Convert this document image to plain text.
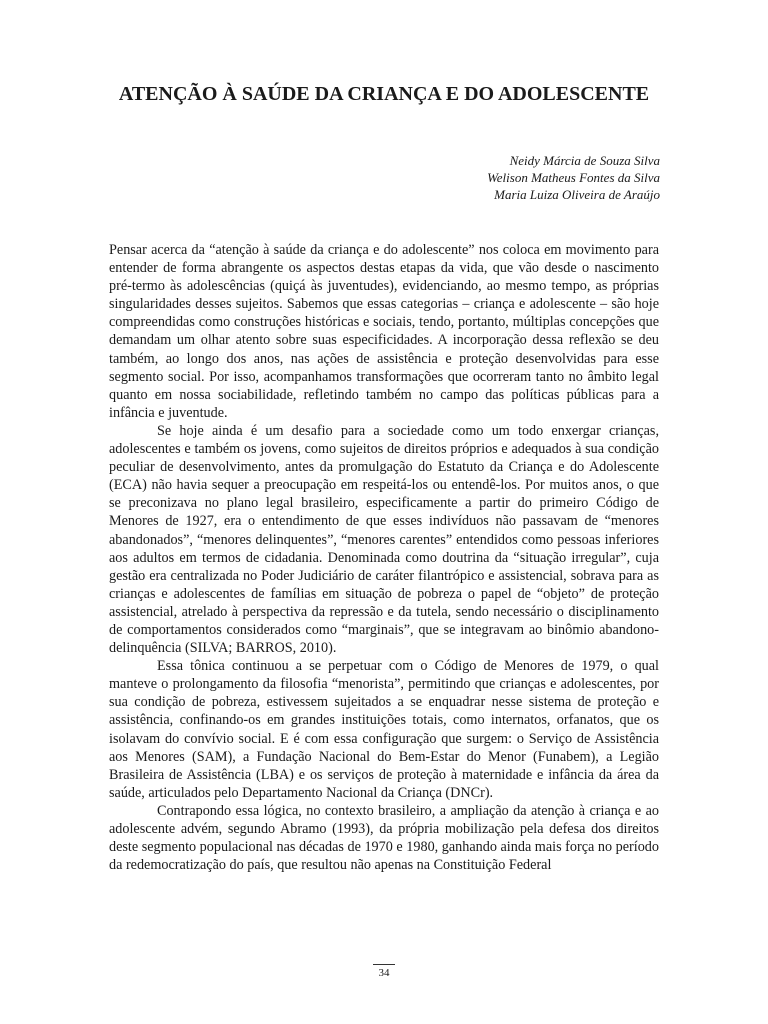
ATENÇÃO À SAÚDE DA CRIANÇA E DO ADOLESCENTE
Neidy Márcia de Souza Silva
Welison Matheus Fontes da Silva
Maria Luiza Oliveira de Araújo

Pensar acerca da “atenção à saúde da criança e do adolescente” nos coloca em movimento para entender de forma abrangente os aspectos destas etapas da vida, que vão desde o nascimento pré-termo às adolescências (quiçá às juventudes), evidenciando, ao mesmo tempo, as próprias singularidades desses sujeitos. Sabemos que essas categorias – criança e adolescente – são hoje compreendidas como construções históricas e sociais, tendo, portanto, múltiplas concepções que demandam um olhar atento sobre suas especificidades. A incorporação dessa reflexão se deu também, ao longo dos anos, nas ações de assistência e proteção desenvolvidas para esse segmento social. Por isso, acompanhamos transformações que ocorreram tanto no âmbito legal quanto em nossa sociabilidade, refletindo também no campo das políticas públicas para a infância e juventude.

Se hoje ainda é um desafio para a sociedade como um todo enxergar crianças, adolescentes e também os jovens, como sujeitos de direitos próprios e adequados à sua condição peculiar de desenvolvimento, antes da promulgação do Estatuto da Criança e do Adolescente (ECA) não havia sequer a preocupação em respeitá-los ou entendê-los. Por muitos anos, o que se preconizava no plano legal brasileiro, especificamente a partir do primeiro Código de Menores de 1927, era o entendimento de que esses indivíduos não passavam de “menores abandonados”, “menores delinquentes”, “menores carentes” entendidos como pessoas inferiores aos adultos em termos de cidadania. Denominada como doutrina da “situação irregular”, cuja gestão era centralizada no Poder Judiciário de caráter filantrópico e assistencial, sobrava para as crianças e adolescentes de famílias em situação de pobreza o papel de “objeto” de proteção assistencial, atrelado à perspectiva da repressão e da tutela, sendo necessário o disciplinamento de comportamentos considerados como “marginais”, que se integravam ao binômio abandono-delinquência (SILVA; BARROS, 2010).

Essa tônica continuou a se perpetuar com o Código de Menores de 1979, o qual manteve o prolongamento da filosofia “menorista”, permitindo que crianças e adolescentes, por sua condição de pobreza, estivessem sujeitados a se enquadrar nesse sistema de proteção e assistência, confinando-os em grandes instituições totais, como internatos, orfanatos, que os isolavam do convívio social. E é com essa configuração que surgem: o Serviço de Assistência aos Menores (SAM), a Fundação Nacional do Bem-Estar do Menor (Funabem), a Legião Brasileira de Assistência (LBA) e os serviços de proteção à maternidade e infância da área da saúde, articulados pelo Departamento Nacional da Criança (DNCr).

Contrapondo essa lógica, no contexto brasileiro, a ampliação da atenção à criança e ao adolescente advém, segundo Abramo (1993), da própria mobilização pela defesa dos direitos deste segmento populacional nas décadas de 1970 e 1980, ganhando ainda mais força no período da redemocratização do país, que resultou não apenas na Constituição Federal

34
